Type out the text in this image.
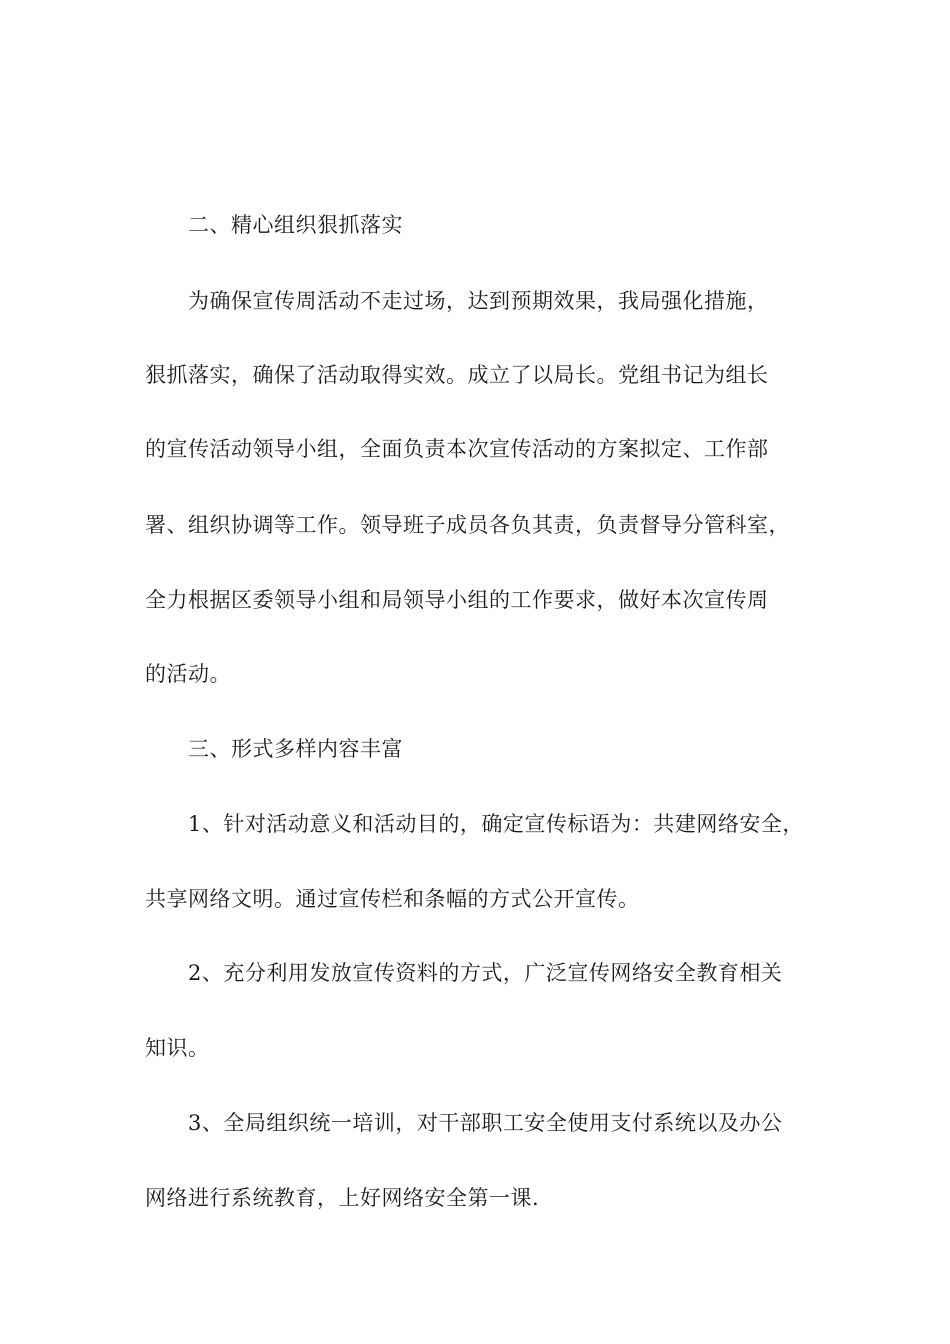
二、精心组织狠抓落实
为确保宣传周活动不走过场，达到预期效果，我局强化措施，
狠抓落实，确保了活动取得实效。成立了以局长。党组书记为组长
的宣传活动领导小组，全面负责本次宣传活动的方案拟定、工作部
署、组织协调等工作。领导班子成员各负其责，负责督导分管科室，
全力根据区委领导小组和局领导小组的工作要求，做好本次宣传周
的活动。
三、形式多样内容丰富
1、针对活动意义和活动目的，确定宣传标语为：共建网络安全，
共享网络文明。通过宣传栏和条幅的方式公开宣传。
2、充分利用发放宣传资料的方式，广泛宣传网络安全教育相关
知识。
3、全局组织统一培训，对干部职工安全使用支付系统以及办公
网络进行系统教育，上好网络安全第一课.
